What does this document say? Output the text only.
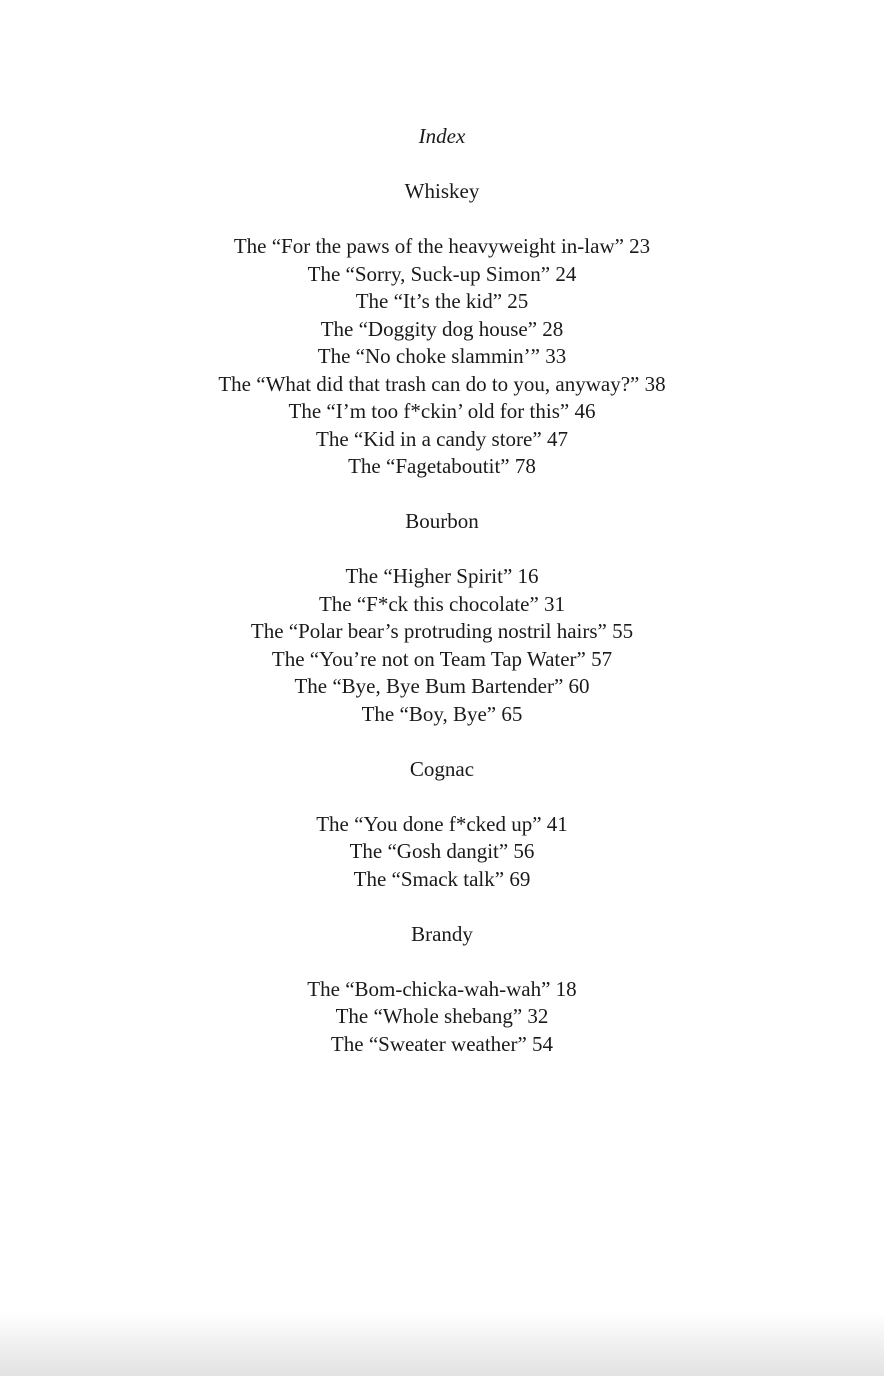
Index
Whiskey
The “For the paws of the heavyweight in-law” 23
The “Sorry, Suck-up Simon” 24
The “It’s the kid” 25
The “Doggity dog house” 28
The “No choke slammin’” 33
The “What did that trash can do to you, anyway?” 38
The “I’m too f*ckin’ old for this” 46
The “Kid in a candy store” 47
The “Fagetaboutit” 78
Bourbon
The “Higher Spirit” 16
The “F*ck this chocolate” 31
The “Polar bear’s protruding nostril hairs” 55
The “You’re not on Team Tap Water” 57
The “Bye, Bye Bum Bartender” 60
The “Boy, Bye” 65
Cognac
The “You done f*cked up” 41
The “Gosh dangit” 56
The “Smack talk” 69
Brandy
The “Bom-chicka-wah-wah” 18
The “Whole shebang” 32
The “Sweater weather” 54
